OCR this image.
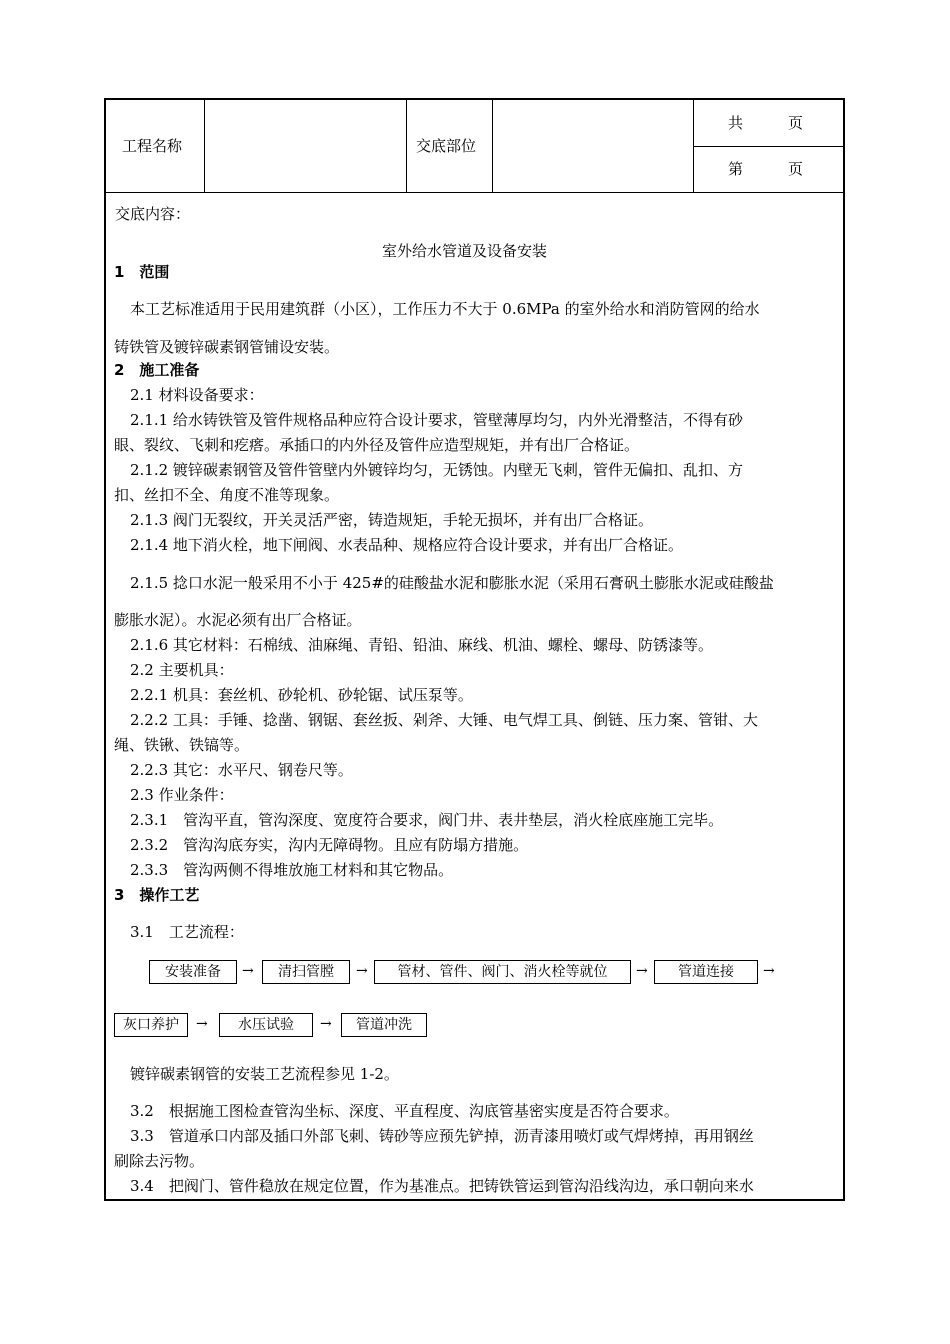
工程名称	交底部位
共　　　页
第　　　页
交底内容：
室外给水管道及设备安装
1　范围
本工艺标准适用于民用建筑群（小区），工作压力不大于 0.6MPa 的室外给水和消防管网的给水
铸铁管及镀锌碳素钢管铺设安装。
2　施工准备
2.1 材料设备要求：
2.1.1 给水铸铁管及管件规格品种应符合设计要求，管壁薄厚均匀，内外光滑整洁，不得有砂
眼、裂纹、飞刺和疙瘩。承插口的内外径及管件应造型规矩，并有出厂合格证。
2.1.2 镀锌碳素钢管及管件管壁内外镀锌均匀，无锈蚀。内壁无飞刺，管件无偏扣、乱扣、方
扣、丝扣不全、角度不准等现象。
2.1.3 阀门无裂纹，开关灵活严密，铸造规矩，手轮无损坏，并有出厂合格证。
2.1.4 地下消火栓，地下闸阀、水表品种、规格应符合设计要求，并有出厂合格证。
2.1.5 捻口水泥一般采用不小于 425#的硅酸盐水泥和膨胀水泥（采用石膏矾土膨胀水泥或硅酸盐
膨胀水泥）。水泥必须有出厂合格证。
2.1.6 其它材料：石棉绒、油麻绳、青铅、铅油、麻线、机油、螺栓、螺母、防锈漆等。
2.2 主要机具：
2.2.1 机具：套丝机、砂轮机、砂轮锯、试压泵等。
2.2.2 工具：手锤、捻凿、钢锯、套丝扳、剁斧、大锤、电气焊工具、倒链、压力案、管钳、大
绳、铁锹、铁镐等。
2.2.3 其它：水平尺、钢卷尺等。
2.3 作业条件：
2.3.1　管沟平直，管沟深度、宽度符合要求，阀门井、表井垫层，消火栓底座施工完毕。
2.3.2　管沟沟底夯实，沟内无障碍物。且应有防塌方措施。
2.3.3　管沟两侧不得堆放施工材料和其它物品。
3　操作工艺
3.1　工艺流程：
安装准备	→	清扫管膛	→	管材、管件、阀门、消火栓等就位	→	管道连接	→
灰口养护	→	水压试验	→	管道冲洗
镀锌碳素钢管的安装工艺流程参见 1-2。
3.2　根据施工图检查管沟坐标、深度、平直程度、沟底管基密实度是否符合要求。
3.3　管道承口内部及插口外部飞刺、铸砂等应预先铲掉，沥青漆用喷灯或气焊烤掉，再用钢丝
刷除去污物。
3.4　把阀门、管件稳放在规定位置，作为基准点。把铸铁管运到管沟沿线沟边，承口朝向来水
